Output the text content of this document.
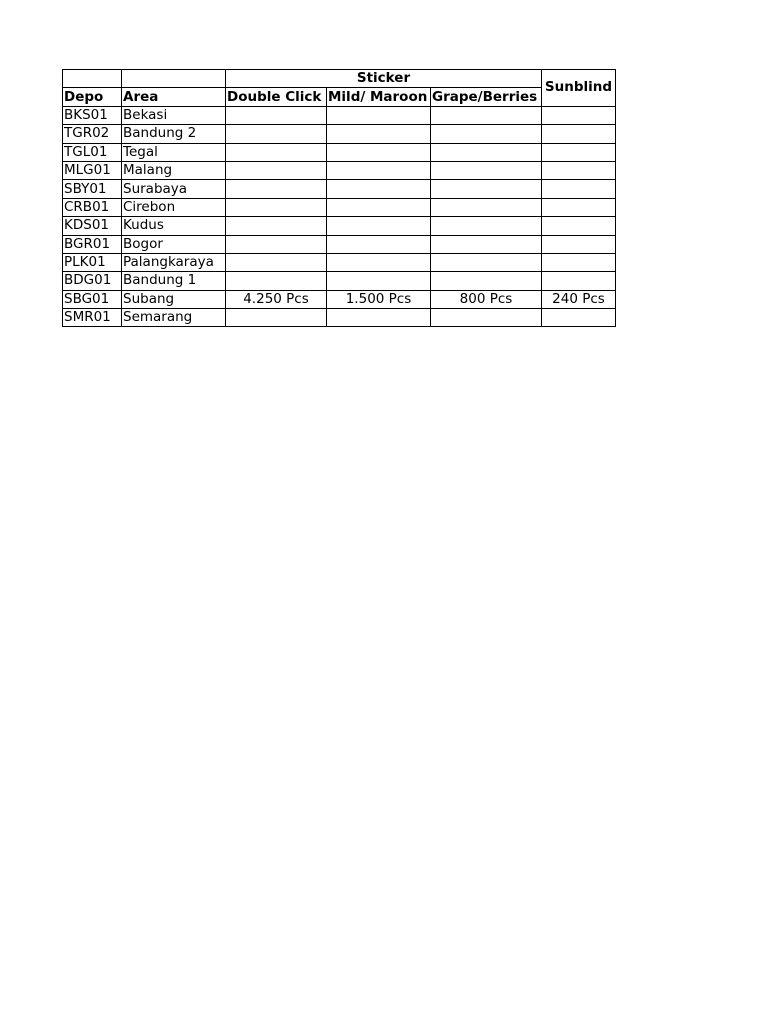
		Sticker			Sunblind
Depo	Area	Double Click	Mild/ Maroon	Grape/Berries	
BKS01	Bekasi				
TGR02	Bandung 2				
TGL01	Tegal				
MLG01	Malang				
SBY01	Surabaya				
CRB01	Cirebon				
KDS01	Kudus				
BGR01	Bogor				
PLK01	Palangkaraya				
BDG01	Bandung 1				
SBG01	Subang	4.250 Pcs	1.500 Pcs	800 Pcs	240 Pcs
SMR01	Semarang				
